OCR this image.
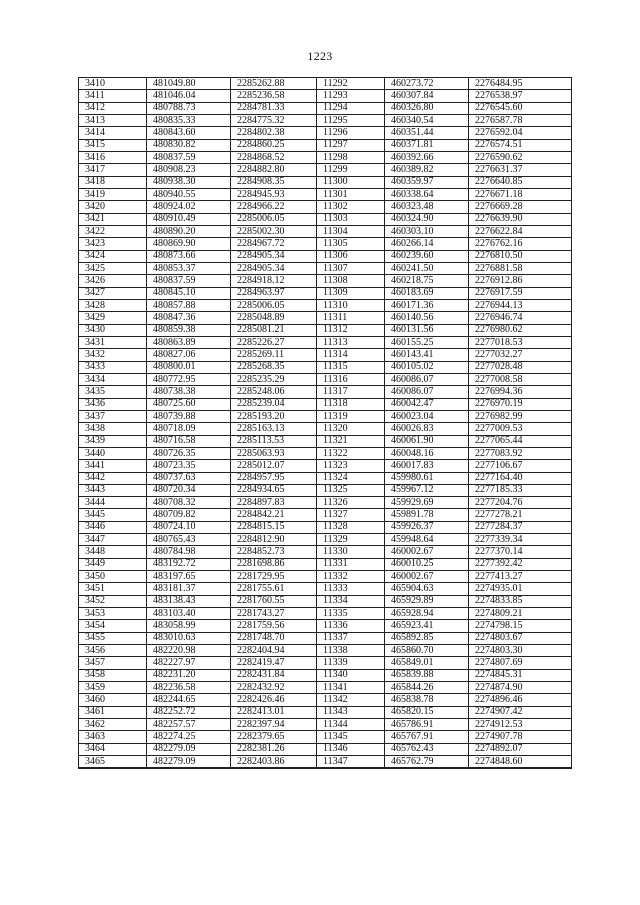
1223
3410	481049.80	2285262.88	11292	460273.72	2276484.95
3411	481046.04	2285236.58	11293	460307.84	2276538.97
3412	480788.73	2284781.33	11294	460326.80	2276545.60
3413	480835.33	2284775.32	11295	460340.54	2276587.78
3414	480843.60	2284802.38	11296	460351.44	2276592.04
3415	480830.82	2284860.25	11297	460371.81	2276574.51
3416	480837.59	2284868.52	11298	460392.66	2276590.62
3417	480908.23	2284882.80	11299	460389.82	2276631.37
3418	480938.30	2284908.35	11300	460359.97	2276640.85
3419	480940.55	2284945.93	11301	460338.64	2276671.18
3420	480924.02	2284966.22	11302	460323.48	2276669.28
3421	480910.49	2285006.05	11303	460324.90	2276639.90
3422	480890.20	2285002.30	11304	460303.10	2276622.84
3423	480869.90	2284967.72	11305	460266.14	2276762.16
3424	480873.66	2284905.34	11306	460239.60	2276810.50
3425	480853.37	2284905.34	11307	460241.50	2276881.58
3426	480837.59	2284918.12	11308	460218.75	2276912.86
3427	480845.10	2284963.97	11309	460183.69	2276917.59
3428	480857.88	2285006.05	11310	460171.36	2276944.13
3429	480847.36	2285048.89	11311	460140.56	2276946.74
3430	480859.38	2285081.21	11312	460131.56	2276980.62
3431	480863.89	2285226.27	11313	460155.25	2277018.53
3432	480827.06	2285269.11	11314	460143.41	2277032.27
3433	480800.01	2285268.35	11315	460105.02	2277028.48
3434	480772.95	2285235.29	11316	460086.07	2277008.58
3435	480738.38	2285248.06	11317	460086.07	2276994.36
3436	480725.60	2285239.04	11318	460042.47	2276970.19
3437	480739.88	2285193.20	11319	460023.04	2276982.99
3438	480718.09	2285163.13	11320	460026.83	2277009.53
3439	480716.58	2285113.53	11321	460061.90	2277065.44
3440	480726.35	2285063.93	11322	460048.16	2277083.92
3441	480723.35	2285012.07	11323	460017.83	2277106.67
3442	480737.63	2284957.95	11324	459980.61	2277164.40
3443	480720.34	2284934.65	11325	459967.12	2277185.33
3444	480708.32	2284897.83	11326	459929.69	2277204.76
3445	480709.82	2284842.21	11327	459891.78	2277278.21
3446	480724.10	2284815.15	11328	459926.37	2277284.37
3447	480765.43	2284812.90	11329	459948.64	2277339.34
3448	480784.98	2284852.73	11330	460002.67	2277370.14
3449	483192.72	2281698.86	11331	460010.25	2277392.42
3450	483197.65	2281729.95	11332	460002.67	2277413.27
3451	483181.37	2281755.61	11333	465904.63	2274935.01
3452	483138.43	2281760.55	11334	465929.89	2274833.85
3453	483103.40	2281743.27	11335	465928.94	2274809.21
3454	483058.99	2281759.56	11336	465923.41	2274798.15
3455	483010.63	2281748.70	11337	465892.85	2274803.67
3456	482220.98	2282404.94	11338	465860.70	2274803.30
3457	482227.97	2282419.47	11339	465849.01	2274807.69
3458	482231.20	2282431.84	11340	465839.88	2274845.31
3459	482236.58	2282432.92	11341	465844.26	2274874.90
3460	482244.65	2282426.46	11342	465838.78	2274896.46
3461	482252.72	2282413.01	11343	465820.15	2274907.42
3462	482257.57	2282397.94	11344	465786.91	2274912.53
3463	482274.25	2282379.65	11345	465767.91	2274907.78
3464	482279.09	2282381.26	11346	465762.43	2274892.07
3465	482279.09	2282403.86	11347	465762.79	2274848.60
